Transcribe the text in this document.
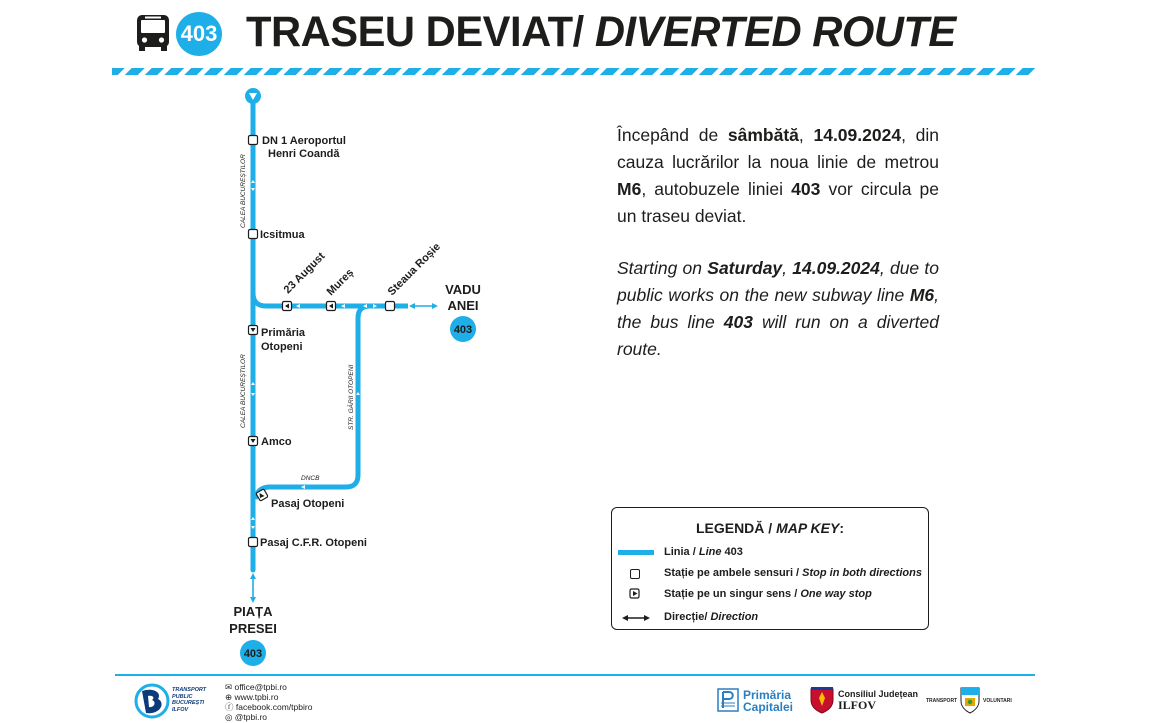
403 TRASEU DEVIAT/ DIVERTED ROUTE
DN 1 Aeroportul
Henri Coandă
Icsitmua
23 August
Mureș	Steaua Roșie
Primăria
Otopeni
Amco
Pasaj Otopeni
Pasaj C.F.R. Otopeni
CALEA BUCUREȘTILOR
CALEA BUCUREȘTILOR	STR. GĂRII OTOPENI
DNCB
VADU
ANEI
403
PIAȚA
PRESEI
403
Începând de sâmbătă, 14.09.2024, din cauza lucrărilor la noua linie de metrou M6, autobuzele liniei 403 vor circula pe un traseu deviat.
Starting on Saturday, 14.09.2024, due to public works on the new subway line M6, the bus line 403 will run on a diverted route.
LEGENDĂ / MAP KEY:
Linia / Line 403
Stație pe ambele sensuri / Stop in both directions
Stație pe un singur sens / One way stop
Direcție/ Direction
TRANSPORT
PUBLIC
BUCUREȘTI
ILFOV
✉ office@tpbi.ro
⊕ www.tpbi.ro
ⓕ facebook.com/tpbiro
◎ @tpbi.ro
Primăria
Capitalei
Consiliul Județean
ILFOV	TRANSPORT	VOLUNTARI
